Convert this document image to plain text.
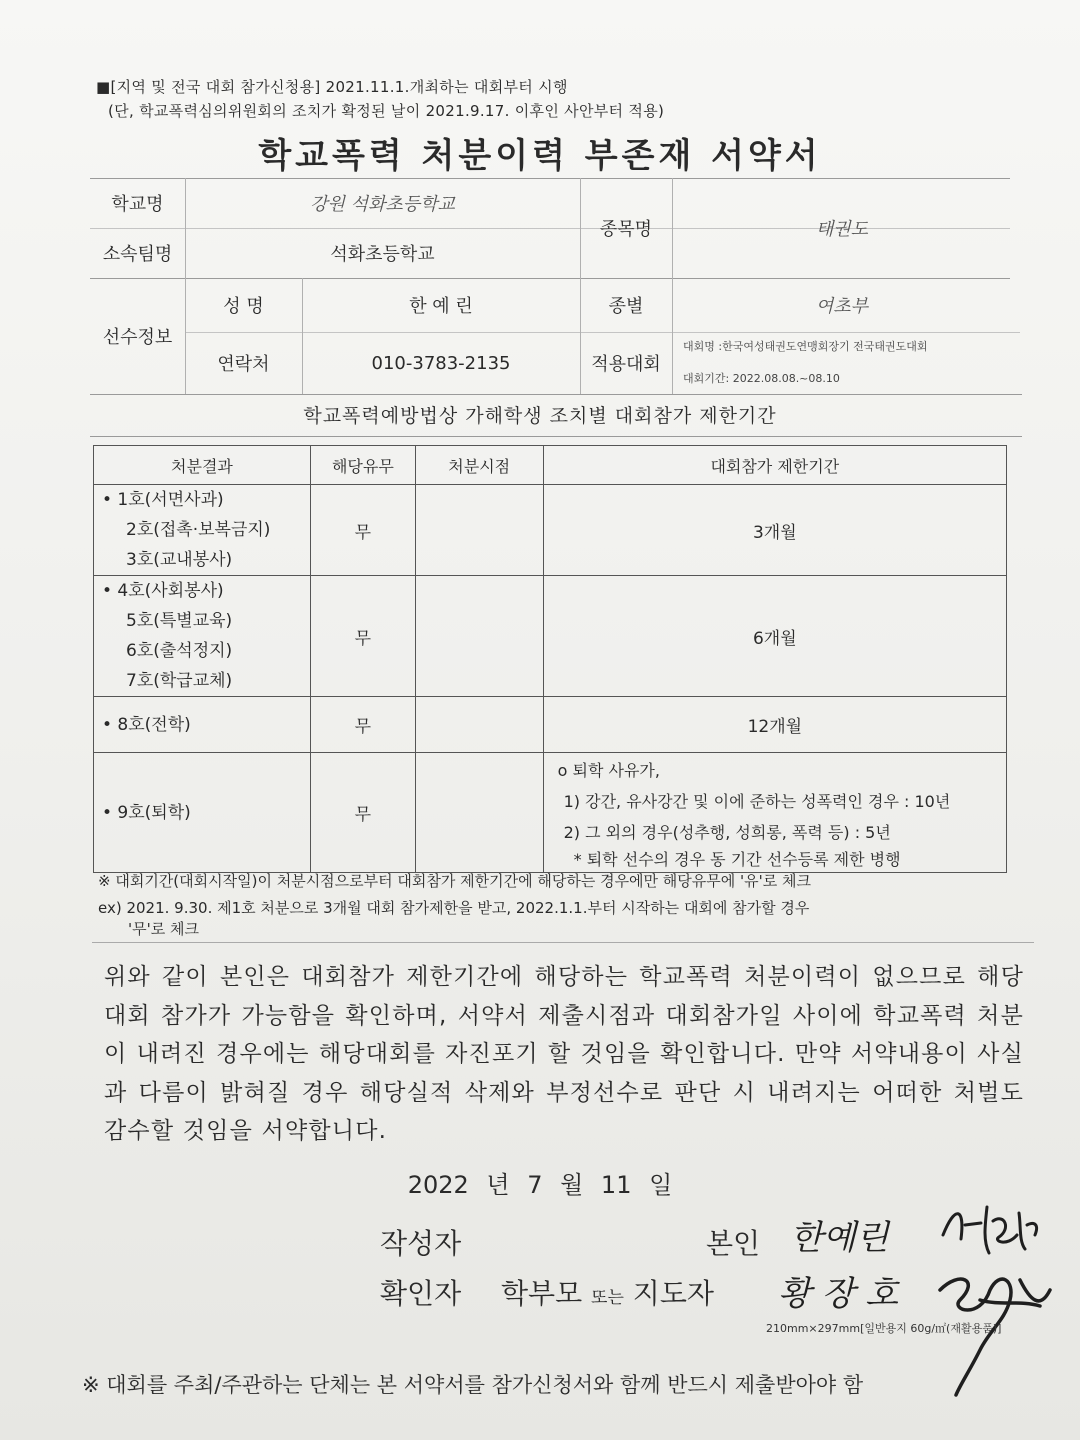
■[지역 및 전국 대회 참가신청용] 2021.11.1.개최하는 대회부터 시행
(단, 학교폭력심의위원회의 조치가 확정된 날이 2021.9.17. 이후인 사안부터 적용)
학교폭력 처분이력 부존재 서약서
학교명	강원 석화초등학교
소속팀명	석화초등학교
종목명	태권도
선수정보
성 명	한 예 린	종별	여초부
연락처	010-3783-2135	적용대회
대회명 :한국여성태권도연맹회장기 전국태권도대회
대회기간: 2022.08.08.~08.10
학교폭력예방법상 가해학생 조치별 대회참가 제한기간
처분결과	해당유무	처분시점	대회참가 제한기간

• 1호(서면사과)
2호(접촉·보복금지)
3호(교내봉사)	무		3개월

• 4호(사회봉사)
5호(특별교육)
6호(출석정지)
7호(학급교체)	무		6개월

• 8호(전학)	무		12개월

• 9호(퇴학)	무		o 퇴학 사유가,
1) 강간, 유사강간 및 이에 준하는 성폭력인 경우 : 10년
2) 그 외의 경우(성추행, 성희롱, 폭력 등) : 5년
* 퇴학 선수의 경우 동 기간 선수등록 제한 병행
※ 대회기간(대회시작일)이 처분시점으로부터 대회참가 제한기간에 해당하는 경우에만 해당유무에 '유'로 체크
ex) 2021. 9.30. 제1호 처분으로 3개월 대회 참가제한을 받고, 2022.1.1.부터 시작하는 대회에 참가할 경우
'무'로 체크
위와 같이 본인은 대회참가 제한기간에 해당하는 학교폭력 처분이력이 없으므로 해당 대회 참가가 가능함을 확인하며, 서약서 제출시점과 대회참가일 사이에 학교폭력 처분이 내려진 경우에는 해당대회를 자진포기 할 것임을 확인합니다. 만약 서약내용이 사실과 다름이 밝혀질 경우 해당실적 삭제와 부정선수로 판단 시 내려지는 어떠한 처벌도 감수할 것임을 서약합니다.
2022 년 7 월 11 일
작성자	본인 한예린
확인자 학부모 또는 지도자 황 장 호
210mm×297mm[일반용지 60g/㎡(재활용품)]
※ 대회를 주최/주관하는 단체는 본 서약서를 참가신청서와 함께 반드시 제출받아야 함
